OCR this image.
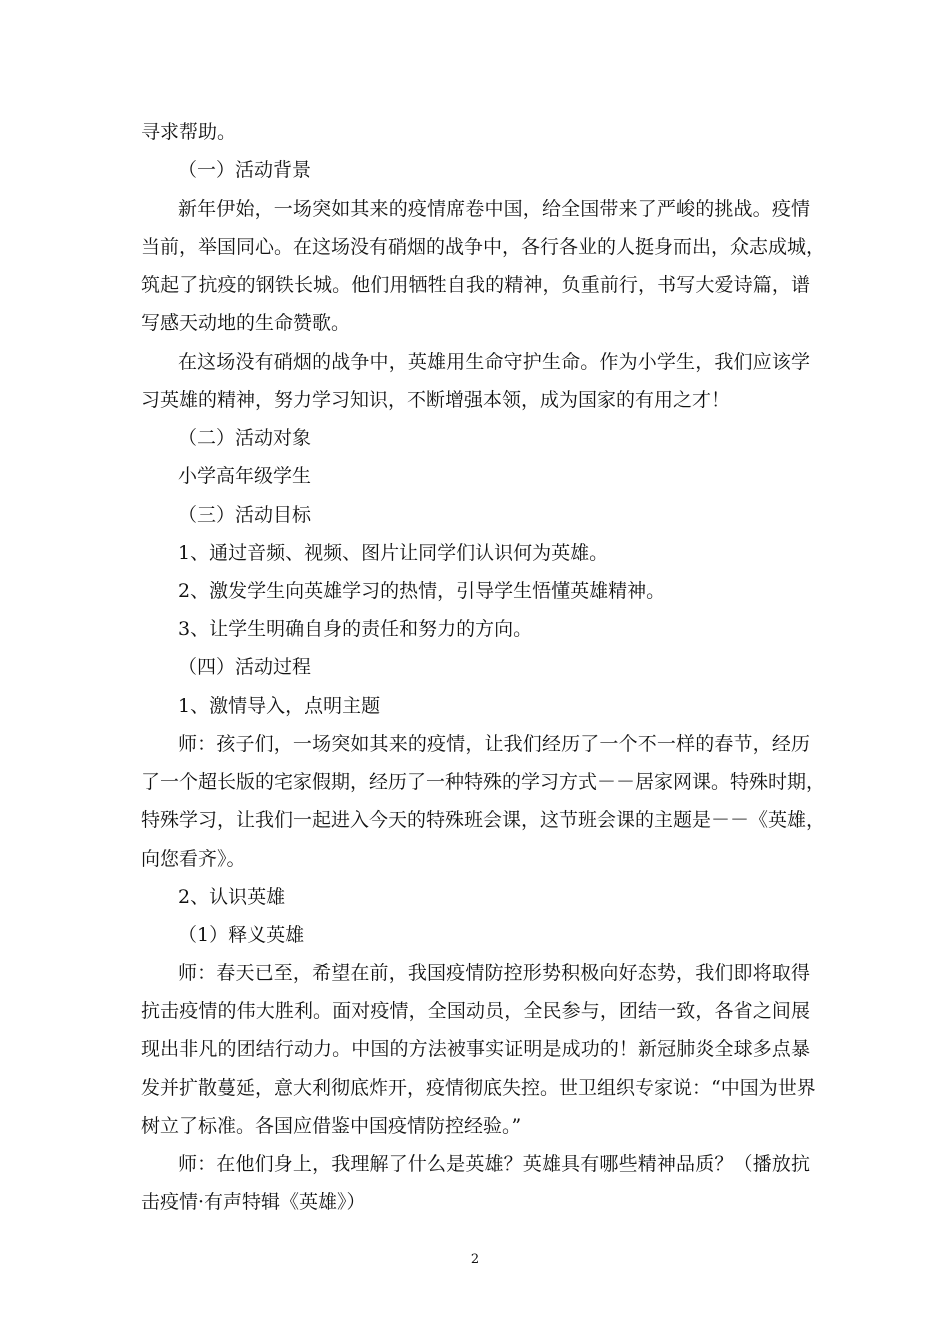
寻求帮助。
（一）活动背景
新年伊始，一场突如其来的疫情席卷中国，给全国带来了严峻的挑战。疫情
当前，举国同心。在这场没有硝烟的战争中，各行各业的人挺身而出，众志成城，
筑起了抗疫的钢铁长城。他们用牺牲自我的精神，负重前行，书写大爱诗篇，谱
写感天动地的生命赞歌。
在这场没有硝烟的战争中，英雄用生命守护生命。作为小学生，我们应该学
习英雄的精神，努力学习知识，不断增强本领，成为国家的有用之才！
（二）活动对象
小学高年级学生
（三）活动目标
1、通过音频、视频、图片让同学们认识何为英雄。
2、激发学生向英雄学习的热情，引导学生悟懂英雄精神。
3、让学生明确自身的责任和努力的方向。
（四）活动过程
1、激情导入，点明主题
师：孩子们，一场突如其来的疫情，让我们经历了一个不一样的春节，经历
了一个超长版的宅家假期，经历了一种特殊的学习方式－－居家网课。特殊时期，
特殊学习，让我们一起进入今天的特殊班会课，这节班会课的主题是－－《英雄，
向您看齐》。
2、认识英雄
（1）释义英雄
师：春天已至，希望在前，我国疫情防控形势积极向好态势，我们即将取得
抗击疫情的伟大胜利。面对疫情，全国动员，全民参与，团结一致，各省之间展
现出非凡的团结行动力。中国的方法被事实证明是成功的！新冠肺炎全球多点暴
发并扩散蔓延，意大利彻底炸开，疫情彻底失控。世卫组织专家说：“中国为世界
树立了标准。各国应借鉴中国疫情防控经验。”
师：在他们身上，我理解了什么是英雄？英雄具有哪些精神品质？（播放抗
击疫情·有声特辑《英雄》）
2
